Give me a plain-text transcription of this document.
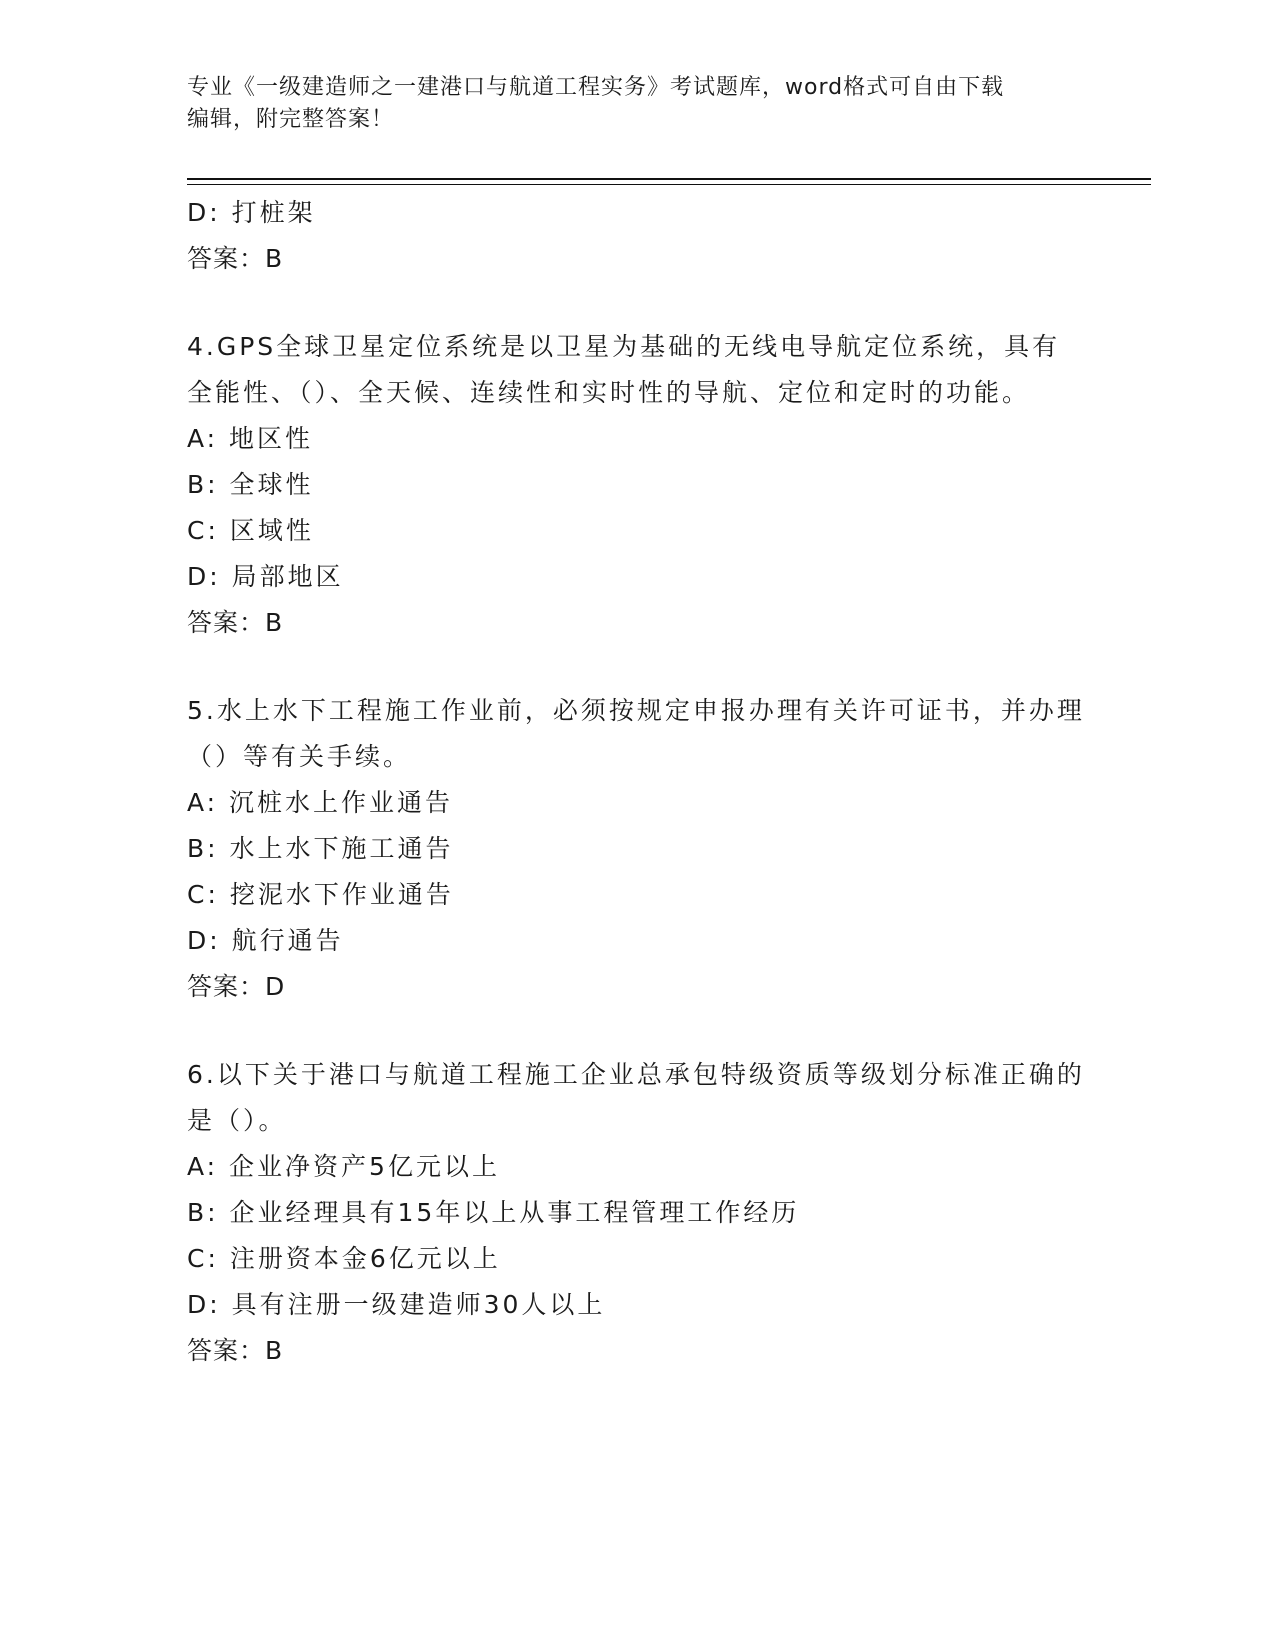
专业《一级建造师之一建港口与航道工程实务》考试题库，word格式可自由下载
编辑，附完整答案！
D: 打桩架
答案：B
4.GPS全球卫星定位系统是以卫星为基础的无线电导航定位系统，具有全能性、（）、全天候、连续性和实时性的导航、定位和定时的功能。
A: 地区性
B: 全球性
C: 区域性
D: 局部地区
答案：B
5.水上水下工程施工作业前，必须按规定申报办理有关许可证书，并办理（）等有关手续。
A: 沉桩水上作业通告
B: 水上水下施工通告
C: 挖泥水下作业通告
D: 航行通告
答案：D
6.以下关于港口与航道工程施工企业总承包特级资质等级划分标准正确的是（）。
A: 企业净资产5亿元以上
B: 企业经理具有15年以上从事工程管理工作经历
C: 注册资本金6亿元以上
D: 具有注册一级建造师30人以上
答案：B
